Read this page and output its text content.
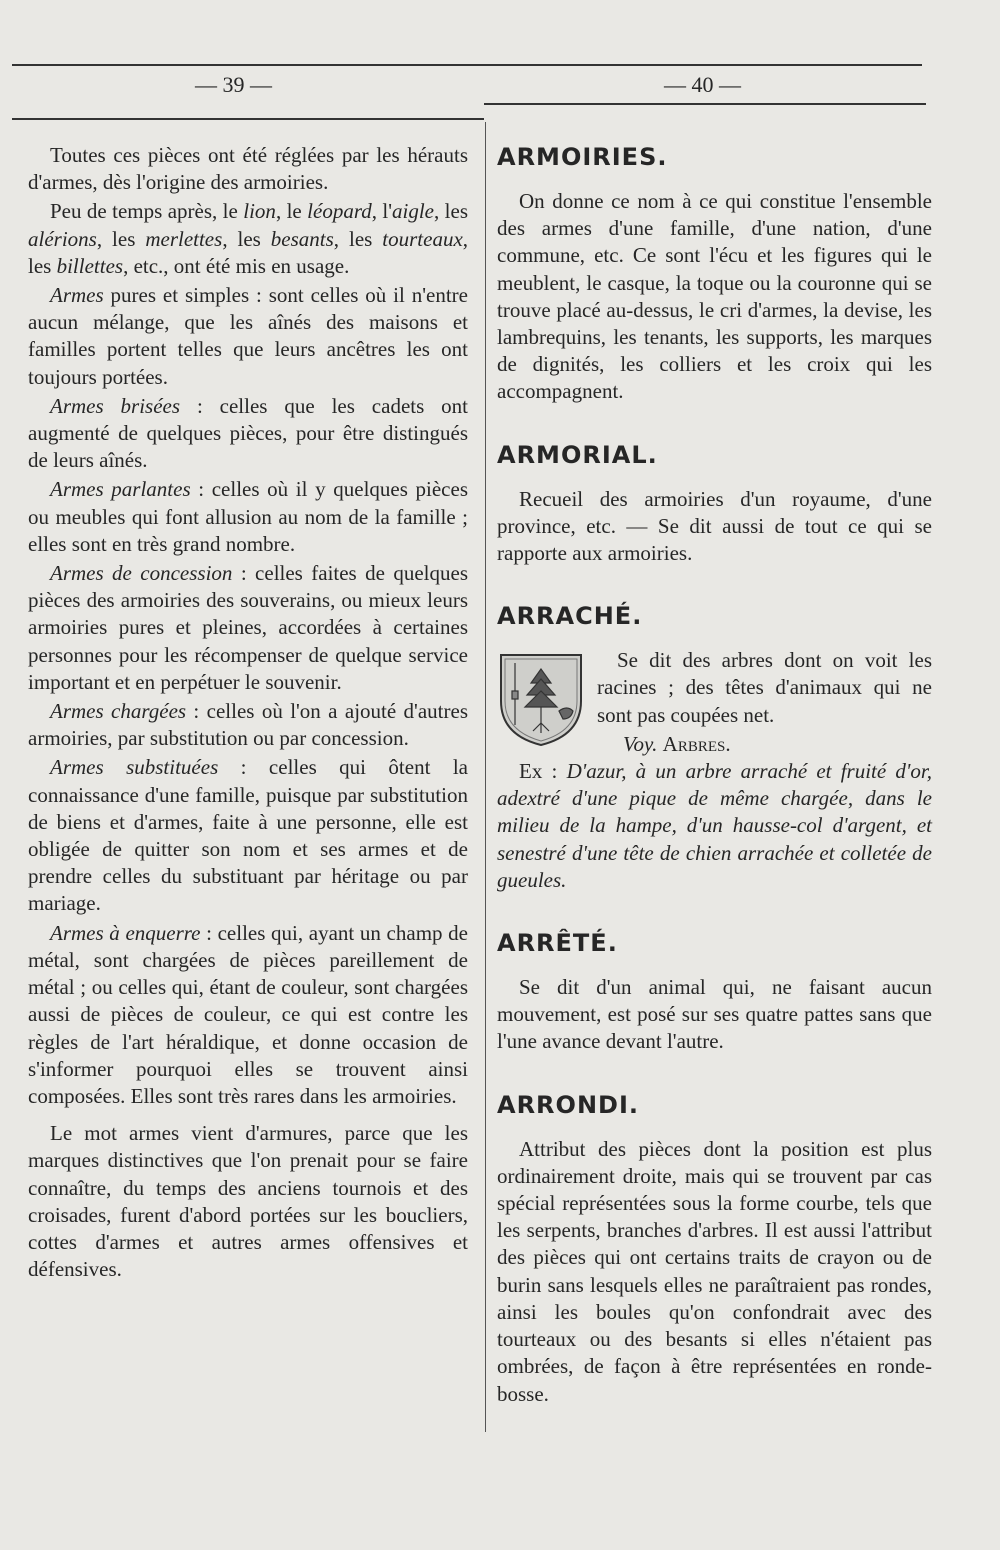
— 39 —	— 40 —

Toutes ces pièces ont été réglées par les hérauts d'armes, dès l'origine des armoiries.

Peu de temps après, le lion, le léopard, l'aigle, les alérions, les merlettes, les besants, les tourteaux, les billettes, etc., ont été mis en usage.

Armes pures et simples : sont celles où il n'entre aucun mélange, que les aînés des maisons et familles portent telles que leurs ancêtres les ont toujours portées.

Armes brisées : celles que les cadets ont augmenté de quelques pièces, pour être distingués de leurs aînés.

Armes parlantes : celles où il y quelques pièces ou meubles qui font allusion au nom de la famille ; elles sont en très grand nombre.

Armes de concession : celles faites de quelques pièces des armoiries des souverains, ou mieux leurs armoiries pures et pleines, accordées à certaines personnes pour les récompenser de quelque service important et en perpétuer le souvenir.

Armes chargées : celles où l'on a ajouté d'autres armoiries, par substitution ou par concession.

Armes substituées : celles qui ôtent la connaissance d'une famille, puisque par substitution de biens et d'armes, faite à une personne, elle est obligée de quitter son nom et ses armes et de prendre celles du substituant par héritage ou par mariage.

Armes à enquerre : celles qui, ayant un champ de métal, sont chargées de pièces pareillement de métal ; ou celles qui, étant de couleur, sont chargées aussi de pièces de couleur, ce qui est contre les règles de l'art héraldique, et donne occasion de s'informer pourquoi elles se trouvent ainsi composées. Elles sont très rares dans les armoiries.

Le mot armes vient d'armures, parce que les marques distinctives que l'on prenait pour se faire connaître, du temps des anciens tournois et des croisades, furent d'abord portées sur les boucliers, cottes d'armes et autres armes offensives et défensives.

ARMOIRIES.

On donne ce nom à ce qui constitue l'ensemble des armes d'une famille, d'une nation, d'une commune, etc. Ce sont l'écu et les figures qui le meublent, le casque, la toque ou la couronne qui se trouve placé au-dessus, le cri d'armes, la devise, les lambrequins, les tenants, les supports, les marques de dignités, les colliers et les croix qui les accompagnent.

ARMORIAL.

Recueil des armoiries d'un royaume, d'une province, etc. — Se dit aussi de tout ce qui se rapporte aux armoiries.

ARRACHÉ.

Se dit des arbres dont on voit les racines ; des têtes d'animaux qui ne sont pas coupées net.

Voy. Arbres.

Ex : D'azur, à un arbre arraché et fruité d'or, adextré d'une pique de même chargée, dans le milieu de la hampe, d'un hausse-col d'argent, et senestré d'une tête de chien arrachée et colletée de gueules.

ARRÊTÉ.

Se dit d'un animal qui, ne faisant aucun mouvement, est posé sur ses quatre pattes sans que l'une avance devant l'autre.

ARRONDI.

Attribut des pièces dont la position est plus ordinairement droite, mais qui se trouvent par cas spécial représentées sous la forme courbe, tels que les serpents, branches d'arbres. Il est aussi l'attribut des pièces qui ont certains traits de crayon ou de burin sans lesquels elles ne paraîtraient pas rondes, ainsi les boules qu'on confondrait avec des tourteaux ou des besants si elles n'étaient pas ombrées, de façon à être représentées en ronde-bosse.
